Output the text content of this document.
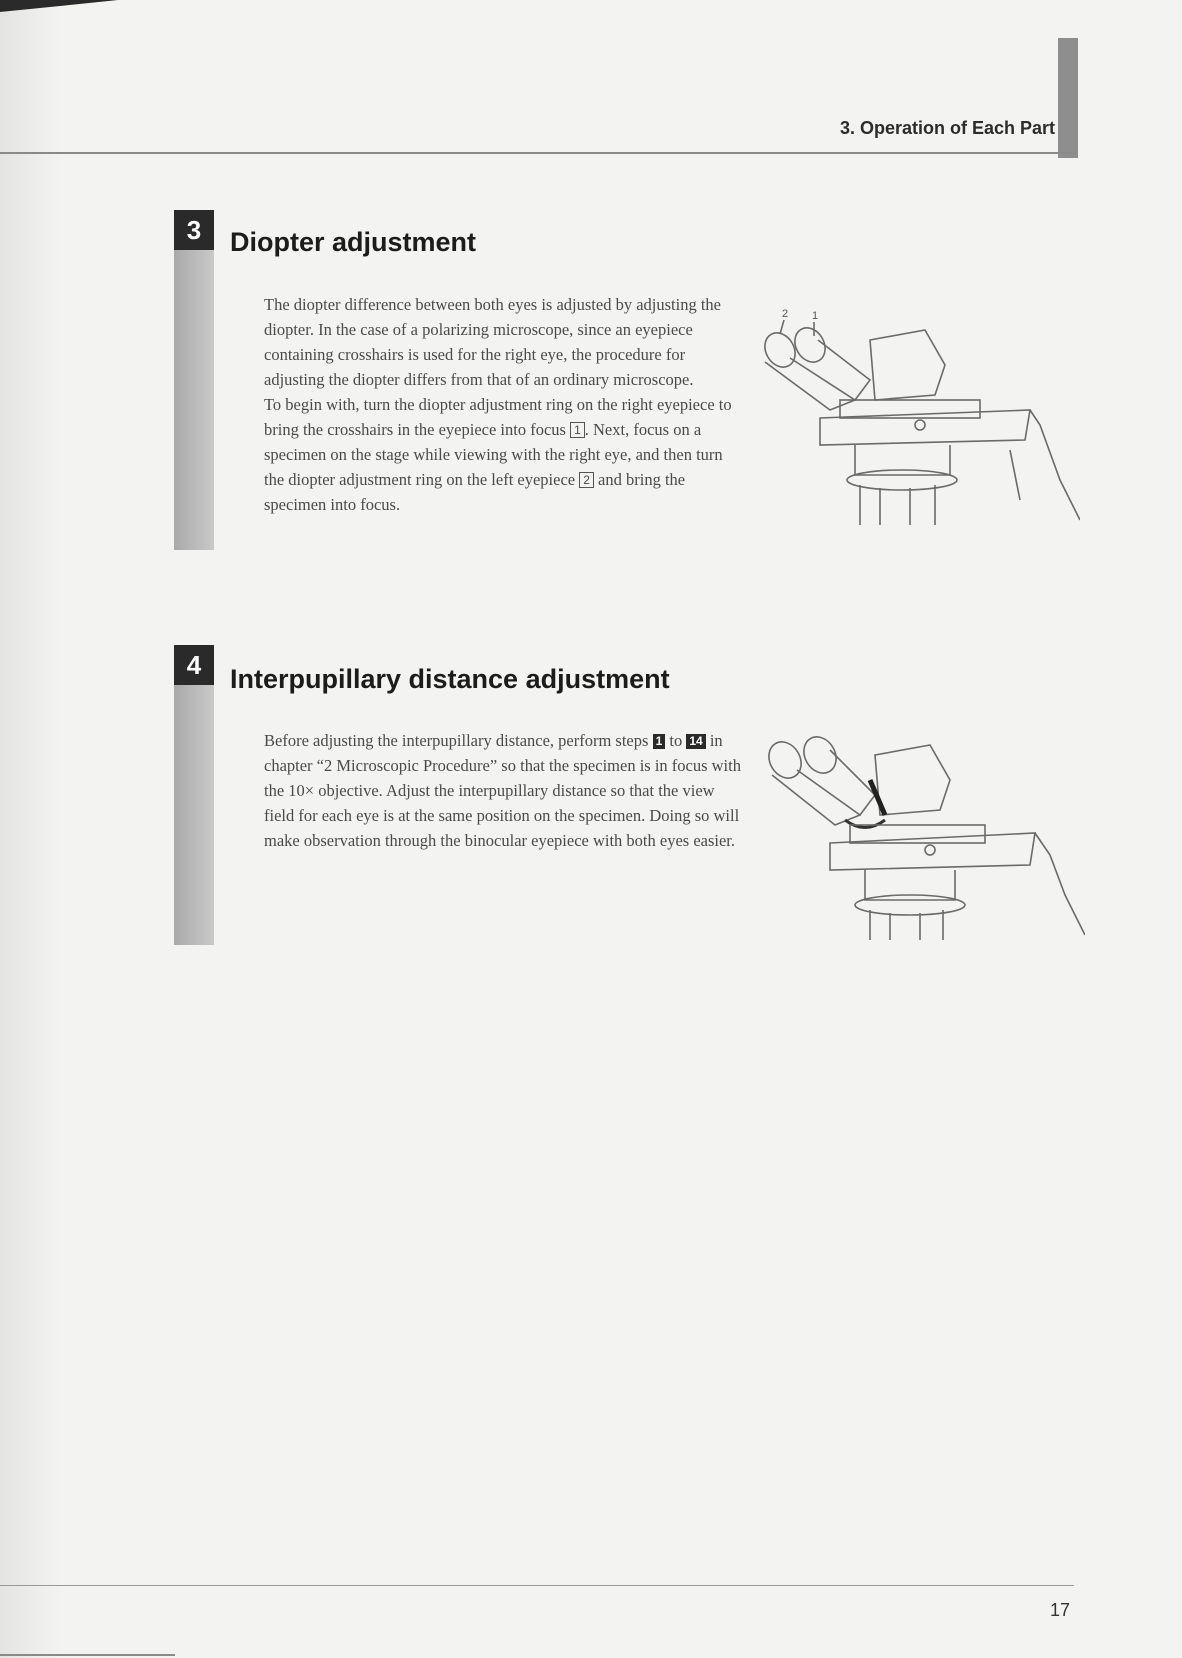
3. Operation of Each Part
3	Diopter adjustment

The diopter difference between both eyes is adjusted by adjusting the diopter. In the case of a polarizing microscope, since an eyepiece containing crosshairs is used for the right eye, the procedure for adjusting the diopter differs from that of an ordinary microscope.

To begin with, turn the diopter adjustment ring on the right eyepiece to bring the crosshairs in the eyepiece into focus 1 . Next, focus on a specimen on the stage while viewing with the right eye, and then turn the diopter adjustment ring on the left eyepiece 2 and bring the specimen into focus.

2 1
4	Interpupillary distance adjustment

Before adjusting the interpupillary distance, perform steps 1 to 14 in chapter “2 Microscopic Procedure” so that the specimen is in focus with the 10× objective. Adjust the interpupillary distance so that the view field for each eye is at the same position on the specimen. Doing so will make observation through the binocular eyepiece with both eyes easier.

17
